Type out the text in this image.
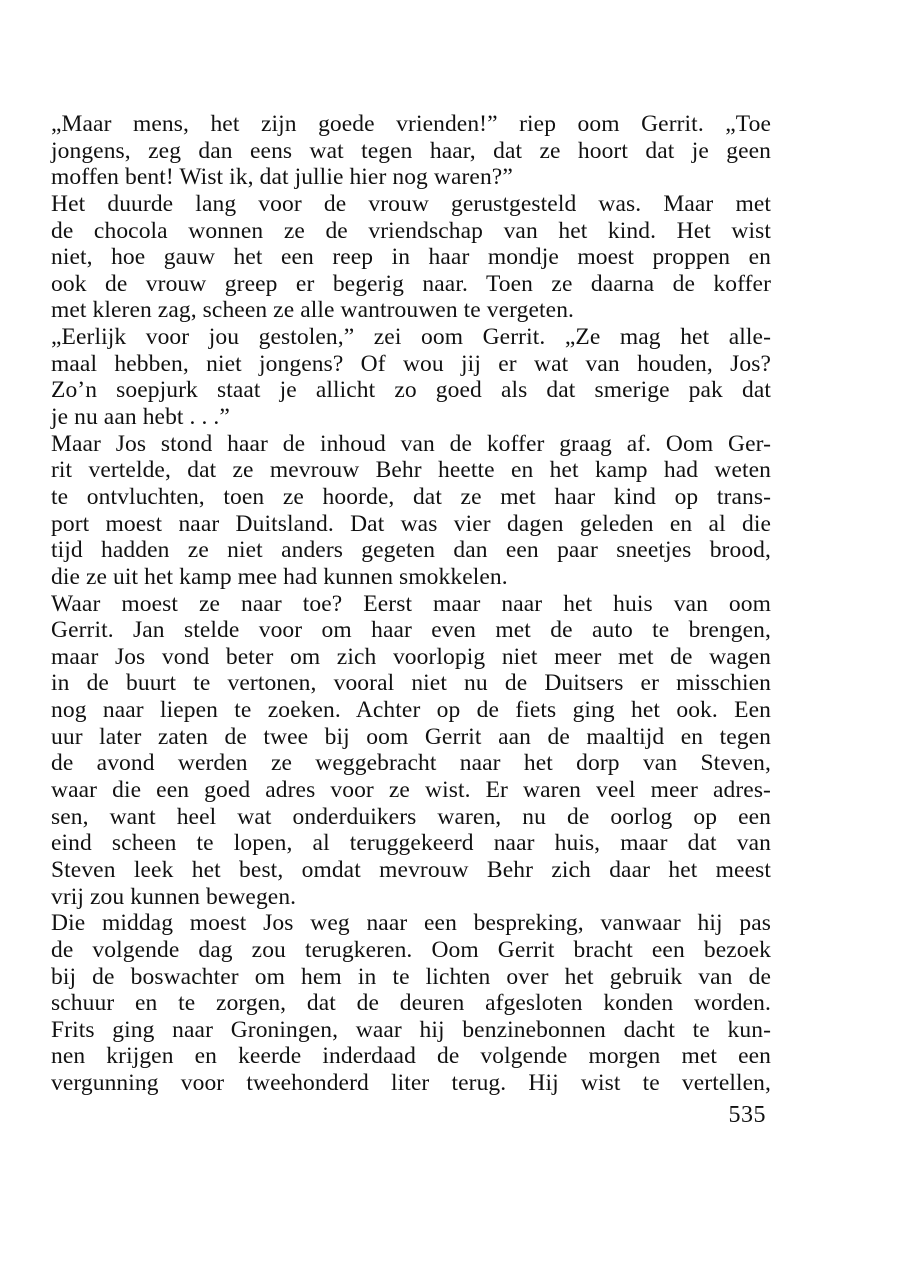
„Maar mens, het zijn goede vrienden!” riep oom Gerrit. „Toe
jongens, zeg dan eens wat tegen haar, dat ze hoort dat je geen
moffen bent! Wist ik, dat jullie hier nog waren?”
Het duurde lang voor de vrouw gerustgesteld was. Maar met
de chocola wonnen ze de vriendschap van het kind. Het wist
niet, hoe gauw het een reep in haar mondje moest proppen en
ook de vrouw greep er begerig naar. Toen ze daarna de koffer
met kleren zag, scheen ze alle wantrouwen te vergeten.
„Eerlijk voor jou gestolen,” zei oom Gerrit. „Ze mag het alle-
maal hebben, niet jongens? Of wou jij er wat van houden, Jos?
Zo’n soepjurk staat je allicht zo goed als dat smerige pak dat
je nu aan hebt . . .”
Maar Jos stond haar de inhoud van de koffer graag af. Oom Ger-
rit vertelde, dat ze mevrouw Behr heette en het kamp had weten
te ontvluchten, toen ze hoorde, dat ze met haar kind op trans-
port moest naar Duitsland. Dat was vier dagen geleden en al die
tijd hadden ze niet anders gegeten dan een paar sneetjes brood,
die ze uit het kamp mee had kunnen smokkelen.
Waar moest ze naar toe? Eerst maar naar het huis van oom
Gerrit. Jan stelde voor om haar even met de auto te brengen,
maar Jos vond beter om zich voorlopig niet meer met de wagen
in de buurt te vertonen, vooral niet nu de Duitsers er misschien
nog naar liepen te zoeken. Achter op de fiets ging het ook. Een
uur later zaten de twee bij oom Gerrit aan de maaltijd en tegen
de avond werden ze weggebracht naar het dorp van Steven,
waar die een goed adres voor ze wist. Er waren veel meer adres-
sen, want heel wat onderduikers waren, nu de oorlog op een
eind scheen te lopen, al teruggekeerd naar huis, maar dat van
Steven leek het best, omdat mevrouw Behr zich daar het meest
vrij zou kunnen bewegen.
Die middag moest Jos weg naar een bespreking, vanwaar hij pas
de volgende dag zou terugkeren. Oom Gerrit bracht een bezoek
bij de boswachter om hem in te lichten over het gebruik van de
schuur en te zorgen, dat de deuren afgesloten konden worden.
Frits ging naar Groningen, waar hij benzinebonnen dacht te kun-
nen krijgen en keerde inderdaad de volgende morgen met een
vergunning voor tweehonderd liter terug. Hij wist te vertellen,
535
